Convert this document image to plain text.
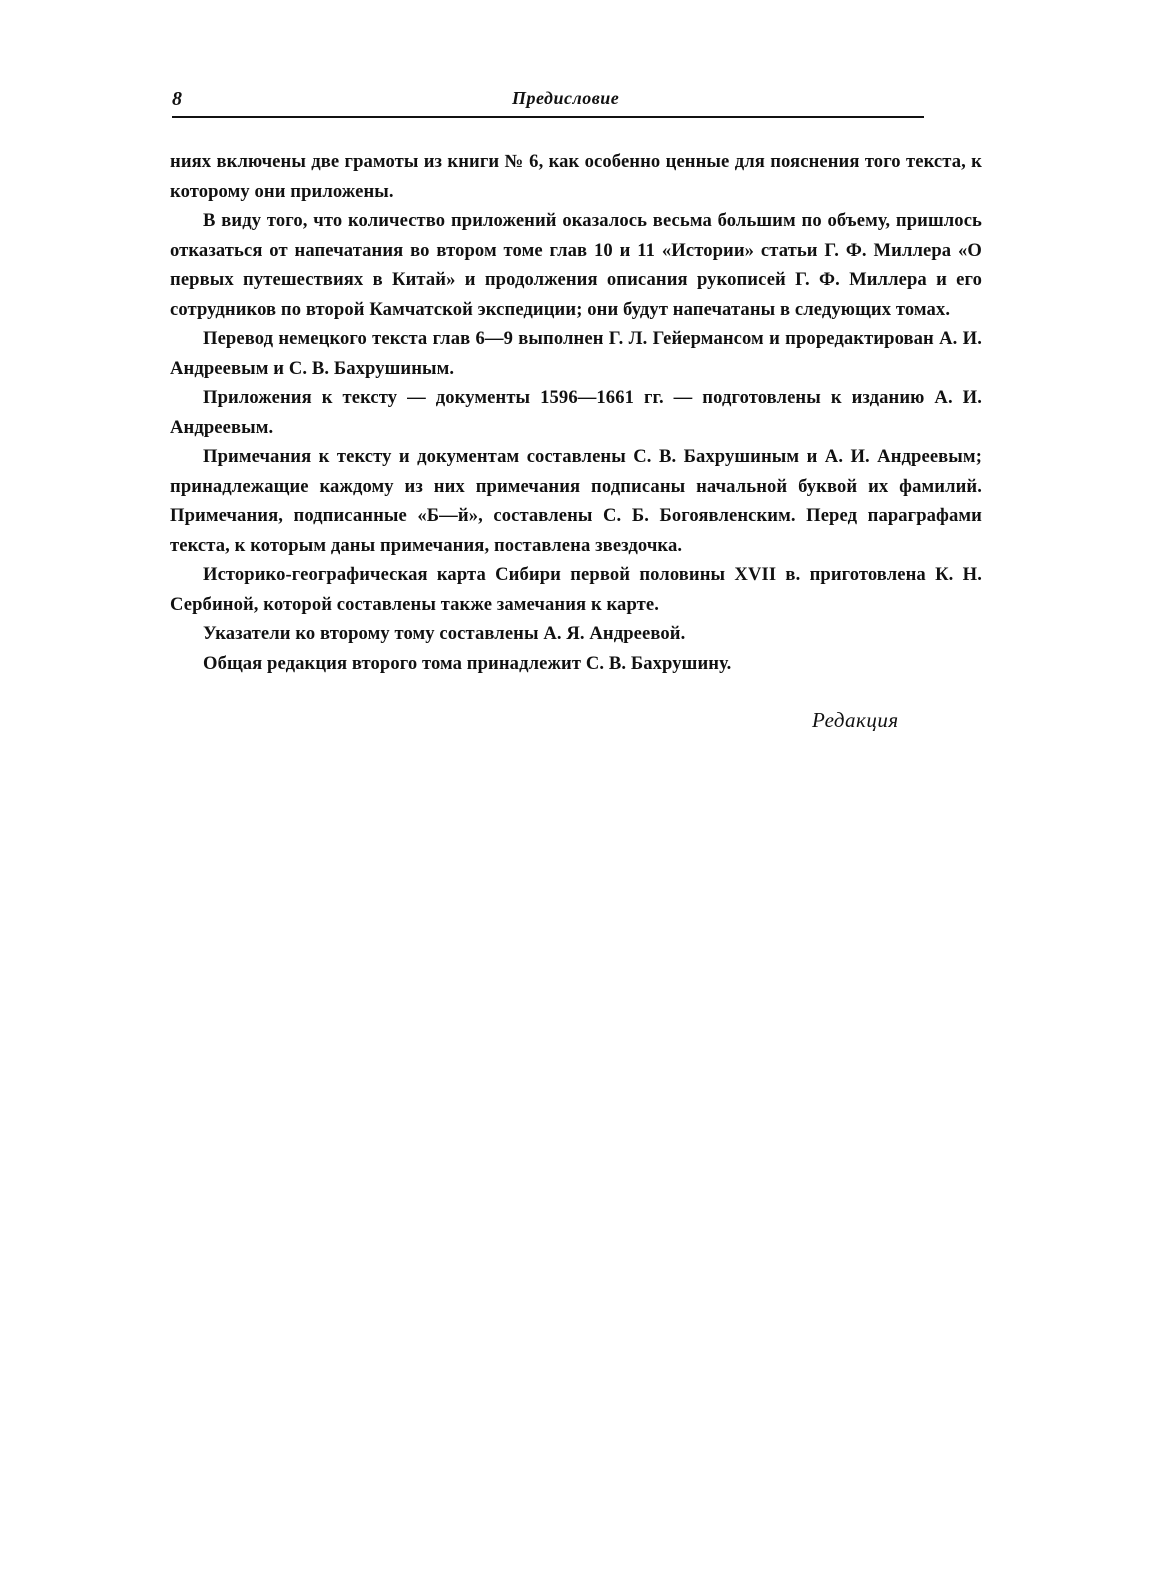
8	Предисловие

ниях включены две грамоты из книги № 6, как особенно ценные для пояснения того текста, к которому они приложены.

В виду того, что количество приложений оказалось весьма большим по объему, пришлось отказаться от напечатания во втором томе глав 10 и 11 «Истории» статьи Г. Ф. Миллера «О первых путешествиях в Китай» и продолжения описания рукописей Г. Ф. Миллера и его сотрудников по второй Камчатской экспедиции; они будут напечатаны в следующих томах.

Перевод немецкого текста глав 6—9 выполнен Г. Л. Гейермансом и проредактирован А. И. Андреевым и С. В. Бахрушиным.

Приложения к тексту — документы 1596—1661 гг. — подготовлены к изданию А. И. Андреевым.

Примечания к тексту и документам составлены С. В. Бахрушиным и А. И. Андреевым; принадлежащие каждому из них примечания подписаны начальной буквой их фамилий. Примечания, подписанные «Б—й», составлены С. Б. Богоявленским. Перед параграфами текста, к которым даны примечания, поставлена звездочка.

Историко-географическая карта Сибири первой половины XVII в. приготовлена К. Н. Сербиной, которой составлены также замечания к карте.

Указатели ко второму тому составлены А. Я. Андреевой.

Общая редакция второго тома принадлежит С. В. Бахрушину.

Редакция
